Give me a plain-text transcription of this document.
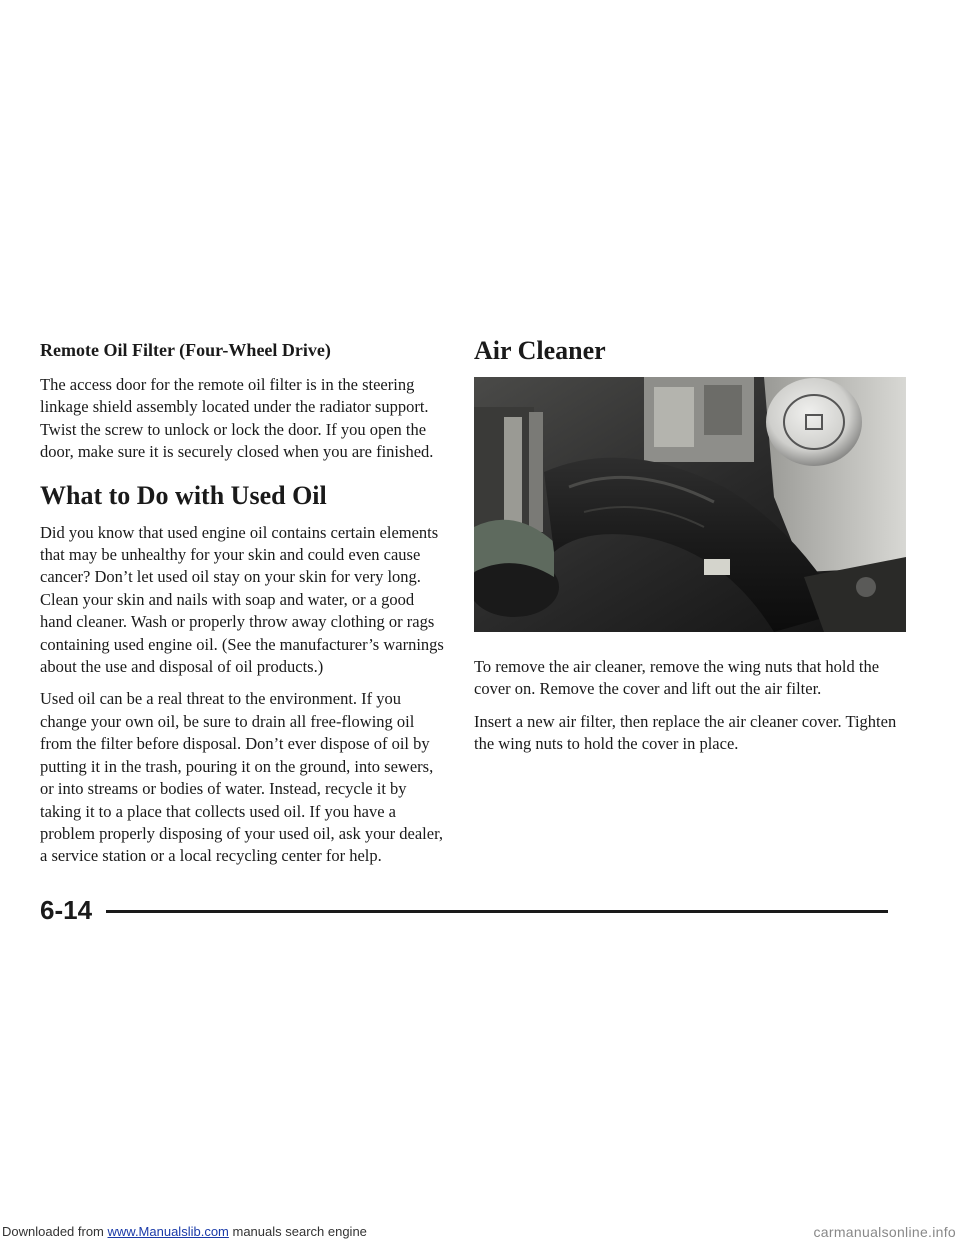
Remote Oil Filter (Four-Wheel Drive)

The access door for the remote oil filter is in the steering linkage shield assembly located under the radiator support. Twist the screw to unlock or lock the door. If you open the door, make sure it is securely closed when you are finished.

What to Do with Used Oil

Did you know that used engine oil contains certain elements that may be unhealthy for your skin and could even cause cancer? Don’t let used oil stay on your skin for very long. Clean your skin and nails with soap and water, or a good hand cleaner. Wash or properly throw away clothing or rags containing used engine oil. (See the manufacturer’s warnings about the use and disposal of oil products.)

Used oil can be a real threat to the environment. If you change your own oil, be sure to drain all free-flowing oil from the filter before disposal. Don’t ever dispose of oil by putting it in the trash, pouring it on the ground, into sewers, or into streams or bodies of water. Instead, recycle it by taking it to a place that collects used oil. If you have a problem properly disposing of your used oil, ask your dealer, a service station or a local recycling center for help.

Air Cleaner

To remove the air cleaner, remove the wing nuts that hold the cover on. Remove the cover and lift out the air filter.

Insert a new air filter, then replace the air cleaner cover. Tighten the wing nuts to hold the cover in place.

6-14
Downloaded from www.Manualslib.com manuals search engine	carmanualsonline.info
